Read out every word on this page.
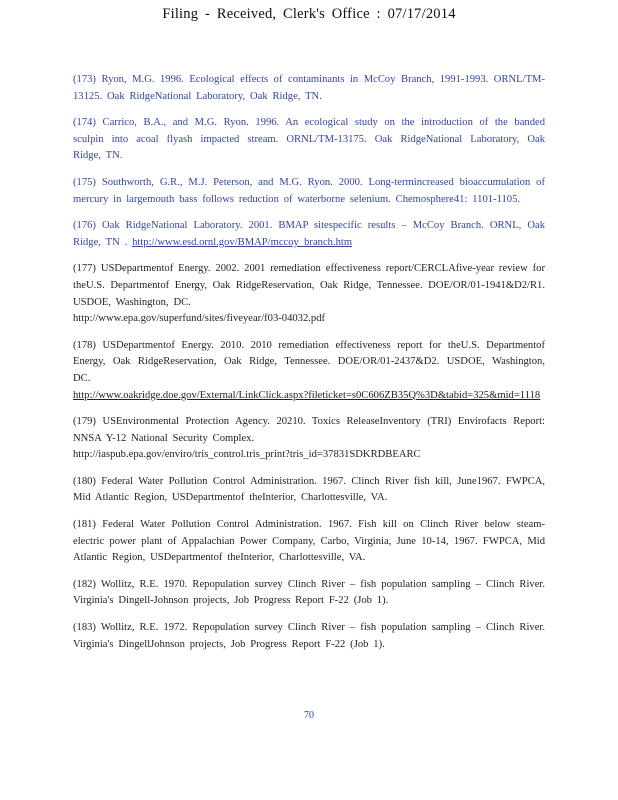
Filing - Received, Clerk's Office : 07/17/2014

(173) Ryon, M.G. 1996. Ecological effects of contaminants in McCoy Branch, 1991-1993. ORNL/TM-13125. Oak RidgeNational Laboratory, Oak Ridge, TN.

(174) Carrico, B.A., and M.G. Ryon. 1996. An ecological study on the introduction of the banded sculpin into acoal flyash impacted stream. ORNL/TM-13175. Oak RidgeNational Laboratory, Oak Ridge, TN.

(175) Southworth, G.R., M.J. Peterson, and M.G. Ryon. 2000. Long-termincreased bioaccumulation of mercury in largemouth bass follows reduction of waterborne selenium. Chemosphere41: 1101-1105.

(176) Oak RidgeNational Laboratory. 2001. BMAP sitespecific results – McCoy Branch. ORNL, Oak Ridge, TN . http://www.esd.ornl.gov/BMAP/mccoy_branch.htm

(177) USDepartmentof Energy. 2002. 2001 remediation effectiveness report/CERCLAfive-year review for theU.S. Departmentof Energy, Oak RidgeReservation, Oak Ridge, Tennessee. DOE/OR/01-1941&D2/R1. USDOE, Washington, DC.
http://www.epa.gov/superfund/sites/fiveyear/f03-04032.pdf

(178) USDepartmentof Energy. 2010. 2010 remediation effectiveness report for theU.S. Departmentof Energy, Oak RidgeReservation, Oak Ridge, Tennessee. DOE/OR/01-2437&D2. USDOE, Washington, DC.
http://www.oakridge.doe.gov/External/LinkClick.aspx?fileticket=s0C606ZB35Q%3D&tabid=325&mid=1118

(179) USEnvironmental Protection Agency. 20210. Toxics ReleaseInventory (TRI) Envirofacts Report: NNSA Y-12 National Security Complex.
http://iaspub.epa.gov/enviro/tris_control.tris_print?tris_id=37831SDKRDBEARC

(180) Federal Water Pollution Control Administration. 1967. Clinch River fish kill, June1967. FWPCA, Mid Atlantic Region, USDepartmentof theInterior, Charlottesville, VA.

(181) Federal Water Pollution Control Administration. 1967. Fish kill on Clinch River below steam-electric power plant of Appalachian Power Company, Carbo, Virginia, June 10-14, 1967. FWPCA, Mid Atlantic Region, USDepartmentof theInterior, Charlottesville, VA.

(182) Wollitz, R.E. 1970. Repopulation survey Clinch River – fish population sampling – Clinch River. Virginia's Dingell-Johnson projects, Job Progress Report F-22 (Job 1).

(183) Wollitz, R.E. 1972. Repopulation survey Clinch River – fish population sampling – Clinch River. Virginia's DingellJohnson projects, Job Progress Report F-22 (Job 1).

70
